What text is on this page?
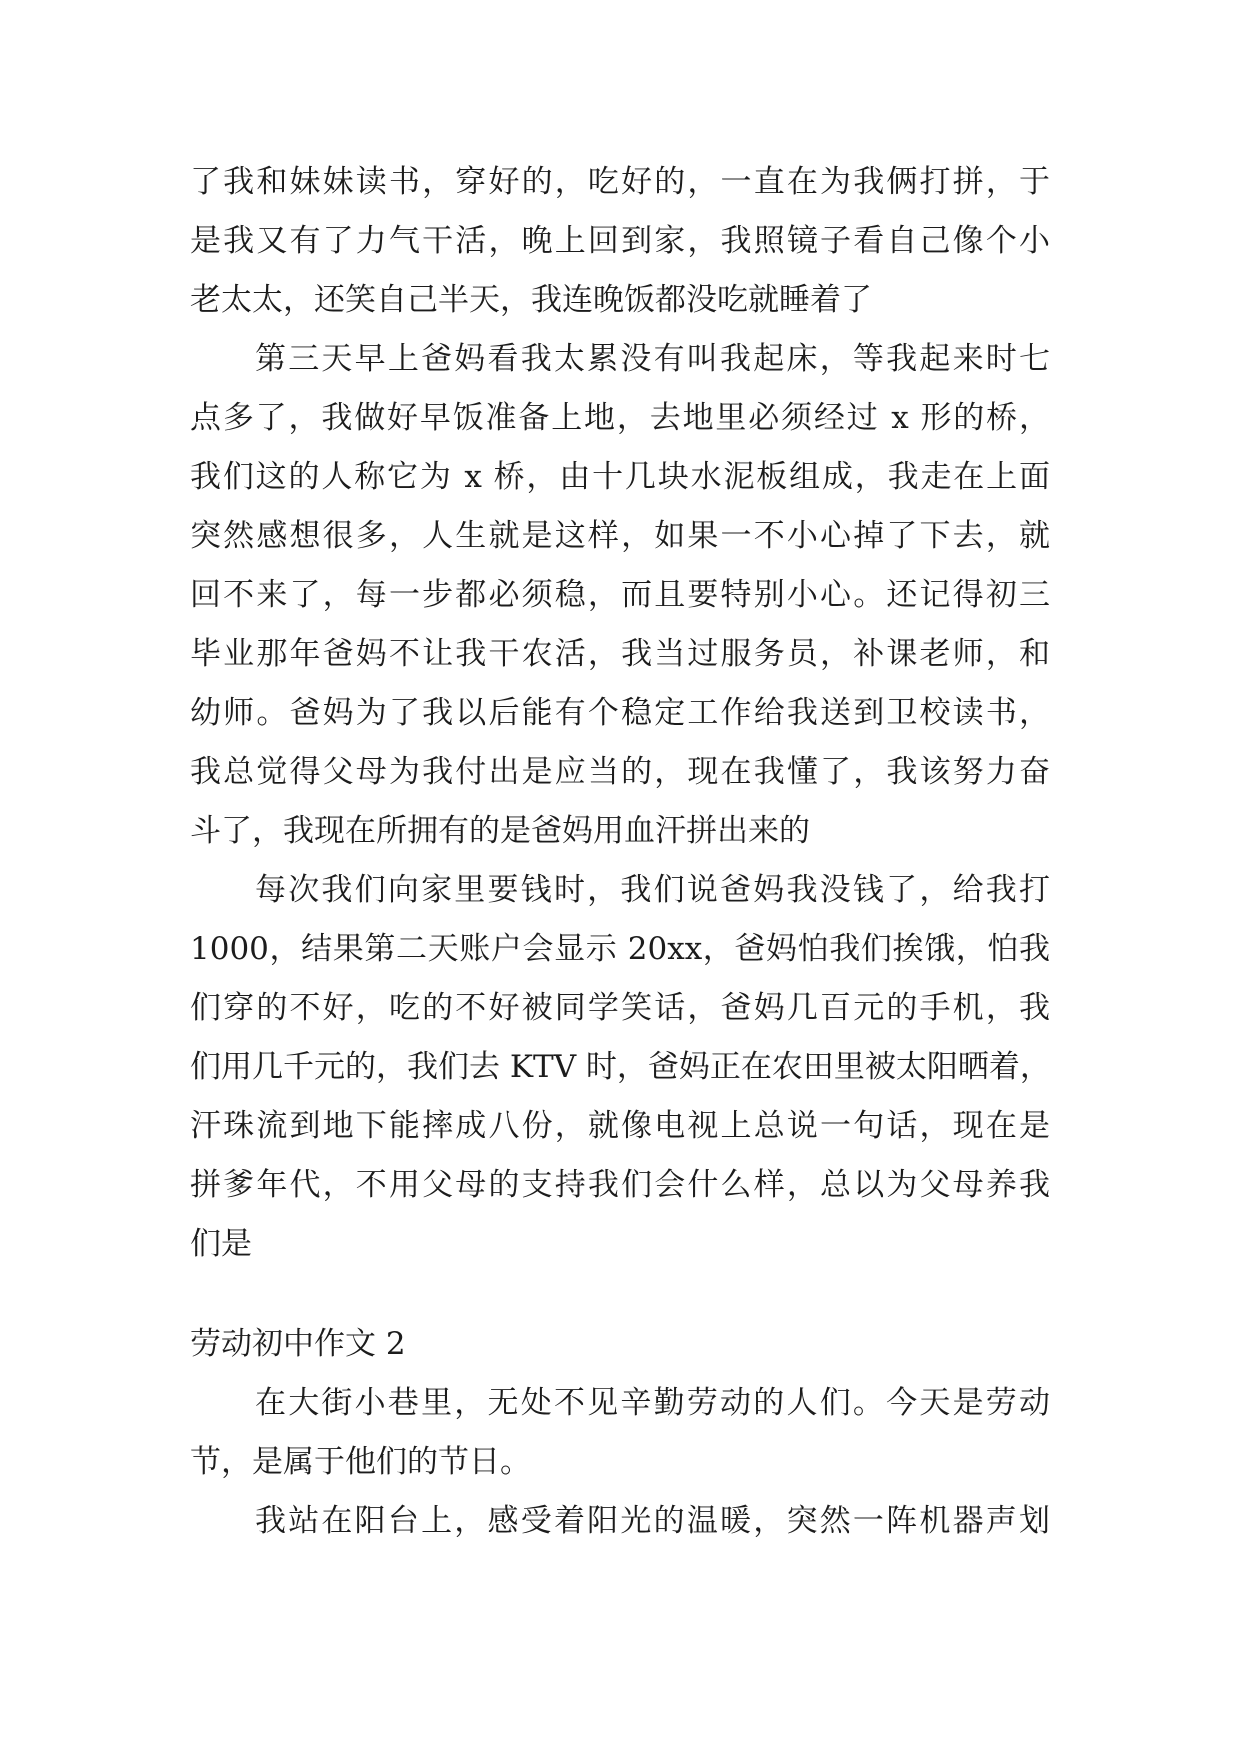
了我和妹妹读书，穿好的，吃好的，一直在为我俩打拼，于

是我又有了力气干活，晚上回到家，我照镜子看自己像个小

老太太，还笑自己半天，我连晚饭都没吃就睡着了

第三天早上爸妈看我太累没有叫我起床，等我起来时七

点多了，我做好早饭准备上地，去地里必须经过 x 形的桥，

我们这的人称它为 x 桥，由十几块水泥板组成，我走在上面

突然感想很多，人生就是这样，如果一不小心掉了下去，就

回不来了，每一步都必须稳，而且要特别小心。还记得初三

毕业那年爸妈不让我干农活，我当过服务员，补课老师，和

幼师。爸妈为了我以后能有个稳定工作给我送到卫校读书，

我总觉得父母为我付出是应当的，现在我懂了，我该努力奋

斗了，我现在所拥有的是爸妈用血汗拼出来的

每次我们向家里要钱时，我们说爸妈我没钱了，给我打

1000，结果第二天账户会显示 20xx，爸妈怕我们挨饿，怕我

们穿的不好，吃的不好被同学笑话，爸妈几百元的手机，我

们用几千元的，我们去 KTV 时，爸妈正在农田里被太阳晒着，

汗珠流到地下能摔成八份，就像电视上总说一句话，现在是

拼爹年代，不用父母的支持我们会什么样，总以为父母养我

们是

劳动初中作文 2

在大街小巷里，无处不见辛勤劳动的人们。今天是劳动

节，是属于他们的节日。

我站在阳台上，感受着阳光的温暖，突然一阵机器声划
